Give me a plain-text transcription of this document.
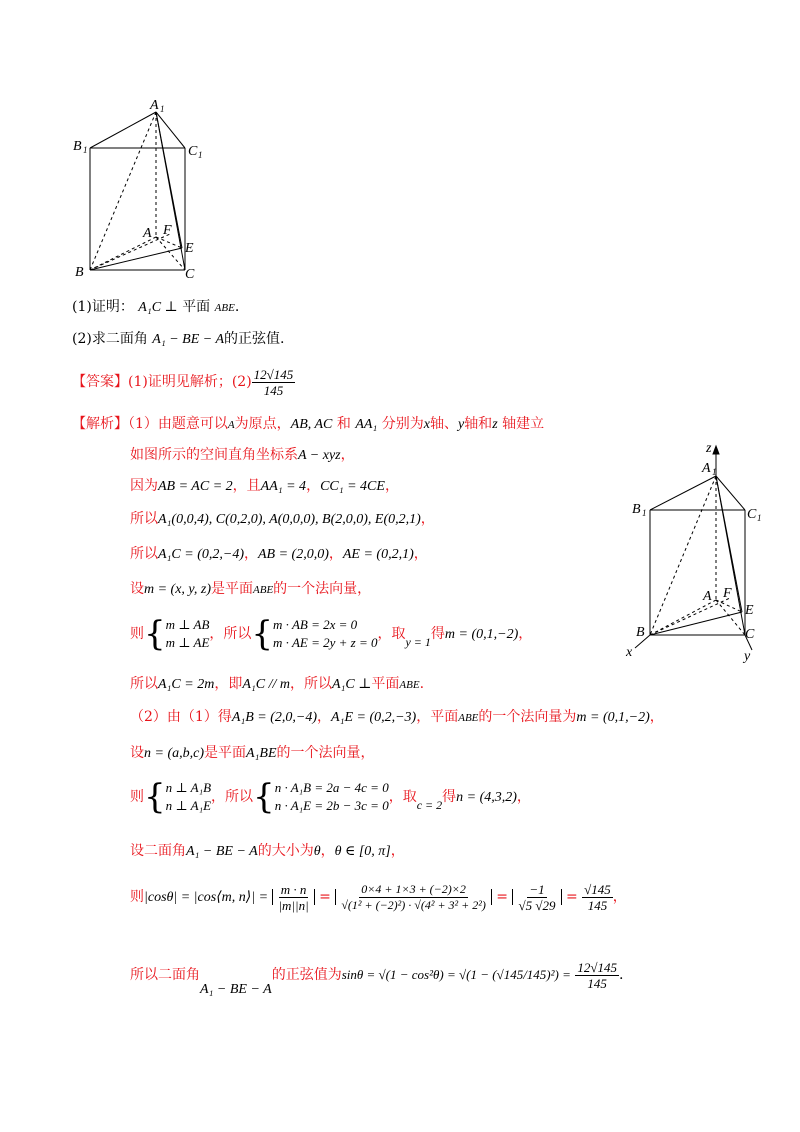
A 1
B 1	C 1
A F
E
B	C
(1)证明： A₁C ⊥ 平面 ABE.
(2)求二面角 A₁ − BE − A的正弦值.
【答案】(1)证明见解析；$(2) \frac{12√145}{145}$
【解析】（1）由题意可以A为原点，AB, AC 和 AA₁ 分别为x轴、y轴和z 轴建立
如图所示的空间直角坐标系A − xyz，
因为AB = AC = 2，且AA₁ = 4，CC₁ = 4CE，
所以A₁(0,0,4), C(0,2,0), A(0,0,0), B(2,0,0), E(0,2,1)，
所以A₁C = (0,2,−4)，AB = (2,0,0)，AE = (0,2,1)，
设m = (x, y, z)是平面ABE的一个法向量，
则{ m ⊥ AB
m ⊥ AE
，所以{ m · AB = 2x = 0
m · AE = 2y + z = 0
，取y = 1得m = (0,1,−2)，
所以A₁C = 2m，即A₁C // m，所以A₁C ⊥平面ABE.
（2）由（1）得A₁B = (2,0,−4)，A₁E = (0,2,−3)，平面ABE的一个法向量为m = (0,1,−2)，
设n = (a,b,c)是平面A₁BE的一个法向量，
则{ n ⊥ A₁B
n ⊥ A₁E
，所以{ n · A₁B = 2a − 4c = 0
n · A₁E = 2b − 3c = 0
，取c = 2得n = (4,3,2)，
设二面角A₁ − BE − A的大小为θ，θ ∈ [0, π]，
则|cosθ| = |cos⟨m, n⟩| = $\frac{m \cdot n}{|m||n|} = \frac{0\times 4 + 1\times 3 + (-2)\times 2}{\text{√(1² + (−2)²) · √(4² + 3² + 2²)}} = \frac{-1}{√5 √29} = \frac{√145}{145}$ ，
所以二面角A₁ − BE − A的正弦值为$\sin\theta = √(1 - \cos^2\theta) = √(1 - (√145/145)^2) = \frac{12√145}{145}$ .
z
A 1
B 1	C 1
A F
E
B	C
x	y
